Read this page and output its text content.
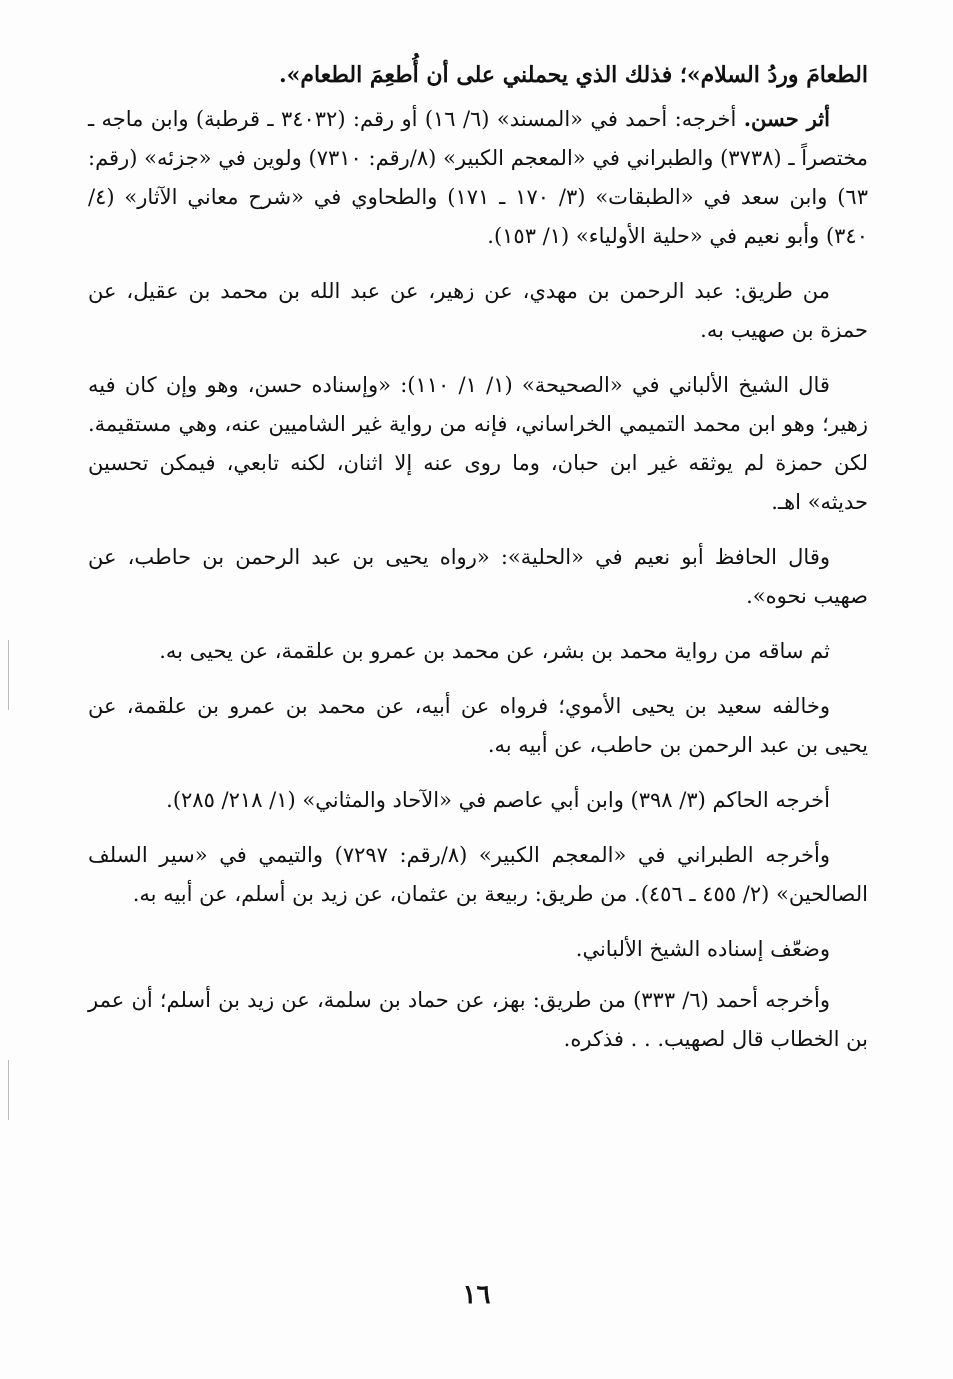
الطعامَ وردُ السلام»؛ فذلك الذي يحملني على أن أُطعِمَ الطعام».

أثر حسن. أخرجه: أحمد في «المسند» (٦/ ١٦) أو رقم: (٣٤٠٣٢ ـ قرطبة) وابن ماجه ـ مختصراً ـ (٣٧٣٨) والطبراني في «المعجم الكبير» (٨/رقم: ٧٣١٠) ولوين في «جزئه» (رقم: ٦٣) وابن سعد في «الطبقات» (٣/ ١٧٠ ـ ١٧١) والطحاوي في «شرح معاني الآثار» (٤/ ٣٤٠) وأبو نعيم في «حلية الأولياء» (١/ ١٥٣).

من طريق: عبد الرحمن بن مهدي، عن زهير، عن عبد الله بن محمد بن عقيل، عن حمزة بن صهيب به.

قال الشيخ الألباني في «الصحيحة» (١/ ١/ ١١٠): «وإسناده حسن، وهو وإن كان فيه زهير؛ وهو ابن محمد التميمي الخراساني، فإنه من رواية غير الشاميين عنه، وهي مستقيمة. لكن حمزة لم يوثقه غير ابن حبان، وما روى عنه إلا اثنان، لكنه تابعي، فيمكن تحسين حديثه» اهـ.

وقال الحافظ أبو نعيم في «الحلية»: «رواه يحيى بن عبد الرحمن بن حاطب، عن صهيب نحوه».

ثم ساقه من رواية محمد بن بشر، عن محمد بن عمرو بن علقمة، عن يحيى به.

وخالفه سعيد بن يحيى الأموي؛ فرواه عن أبيه، عن محمد بن عمرو بن علقمة، عن يحيى بن عبد الرحمن بن حاطب، عن أبيه به.

أخرجه الحاكم (٣/ ٣٩٨) وابن أبي عاصم في «الآحاد والمثاني» (١/ ٢١٨/ ٢٨٥).

وأخرجه الطبراني في «المعجم الكبير» (٨/رقم: ٧٢٩٧) والتيمي في «سير السلف الصالحين» (٢/ ٤٥٥ ـ ٤٥٦). من طريق: ربيعة بن عثمان، عن زيد بن أسلم، عن أبيه به.

وضعّف إسناده الشيخ الألباني.

وأخرجه أحمد (٦/ ٣٣٣) من طريق: بهز، عن حماد بن سلمة، عن زيد بن أسلم؛ أن عمر بن الخطاب قال لصهيب. . . فذكره.

١٦
